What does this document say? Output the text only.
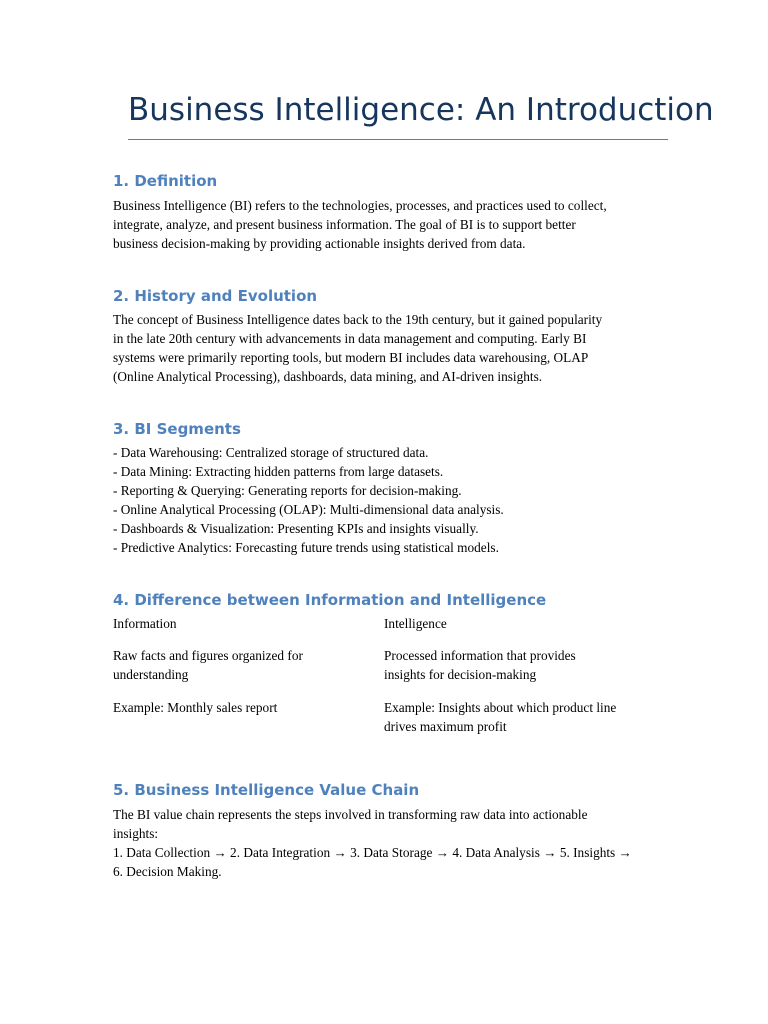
Business Intelligence: An Introduction
1. Definition
Business Intelligence (BI) refers to the technologies, processes, and practices used to collect,
integrate, analyze, and present business information. The goal of BI is to support better
business decision-making by providing actionable insights derived from data.
2. History and Evolution
The concept of Business Intelligence dates back to the 19th century, but it gained popularity
in the late 20th century with advancements in data management and computing. Early BI
systems were primarily reporting tools, but modern BI includes data warehousing, OLAP
(Online Analytical Processing), dashboards, data mining, and AI-driven insights.
3. BI Segments
- Data Warehousing: Centralized storage of structured data.
- Data Mining: Extracting hidden patterns from large datasets.
- Reporting & Querying: Generating reports for decision-making.
- Online Analytical Processing (OLAP): Multi-dimensional data analysis.
- Dashboards & Visualization: Presenting KPIs and insights visually.
- Predictive Analytics: Forecasting future trends using statistical models.
4. Difference between Information and Intelligence
Information	Intelligence
Raw facts and figures organized for
understanding
Processed information that provides
insights for decision-making
Example: Monthly sales report	Example: Insights about which product line
drives maximum profit
5. Business Intelligence Value Chain
The BI value chain represents the steps involved in transforming raw data into actionable
insights:
1. Data Collection → 2. Data Integration → 3. Data Storage → 4. Data Analysis → 5. Insights →
6. Decision Making.
